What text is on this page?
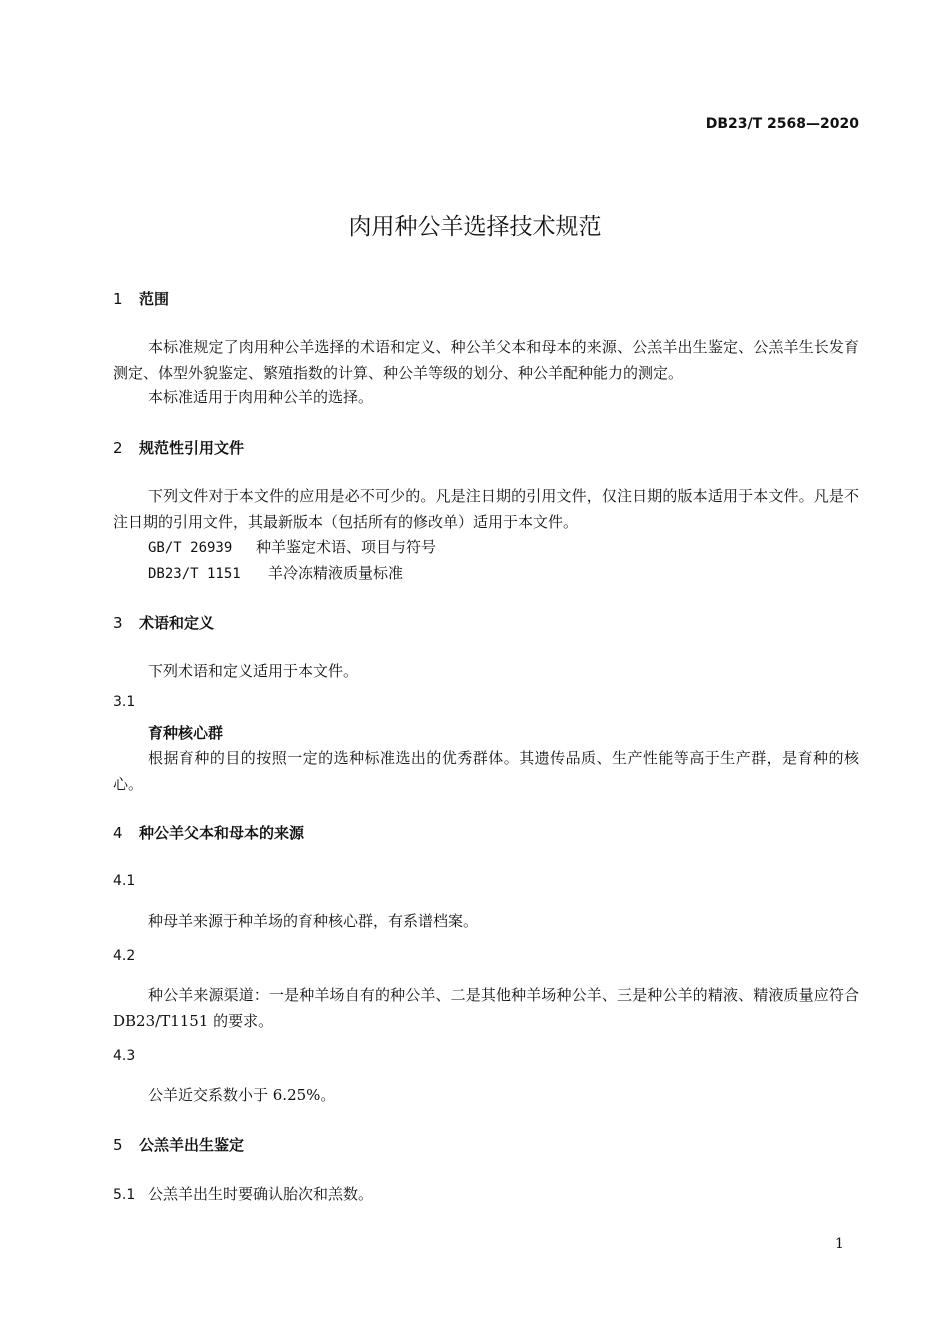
DB23/T 2568—2020
肉用种公羊选择技术规范
1 范围
本标准规定了肉用种公羊选择的术语和定义、种公羊父本和母本的来源、公羔羊出生鉴定、公羔羊生长发育测定、体型外貌鉴定、繁殖指数的计算、种公羊等级的划分、种公羊配种能力的测定。
本标准适用于肉用种公羊的选择。
2 规范性引用文件
下列文件对于本文件的应用是必不可少的。凡是注日期的引用文件，仅注日期的版本适用于本文件。凡是不注日期的引用文件，其最新版本（包括所有的修改单）适用于本文件。
GB/T 26939 种羊鉴定术语、项目与符号
DB23/T 1151 羊冷冻精液质量标准
3 术语和定义
下列术语和定义适用于本文件。
3.1
育种核心群
根据育种的目的按照一定的选种标准选出的优秀群体。其遗传品质、生产性能等高于生产群，是育种的核心。
4 种公羊父本和母本的来源
4.1
种母羊来源于种羊场的育种核心群，有系谱档案。
4.2
种公羊来源渠道：一是种羊场自有的种公羊、二是其他种羊场种公羊、三是种公羊的精液、精液质量应符合 DB23/T1151 的要求。
4.3
公羊近交系数小于 6.25%。
5 公羔羊出生鉴定
5.1 公羔羊出生时要确认胎次和羔数。
1
